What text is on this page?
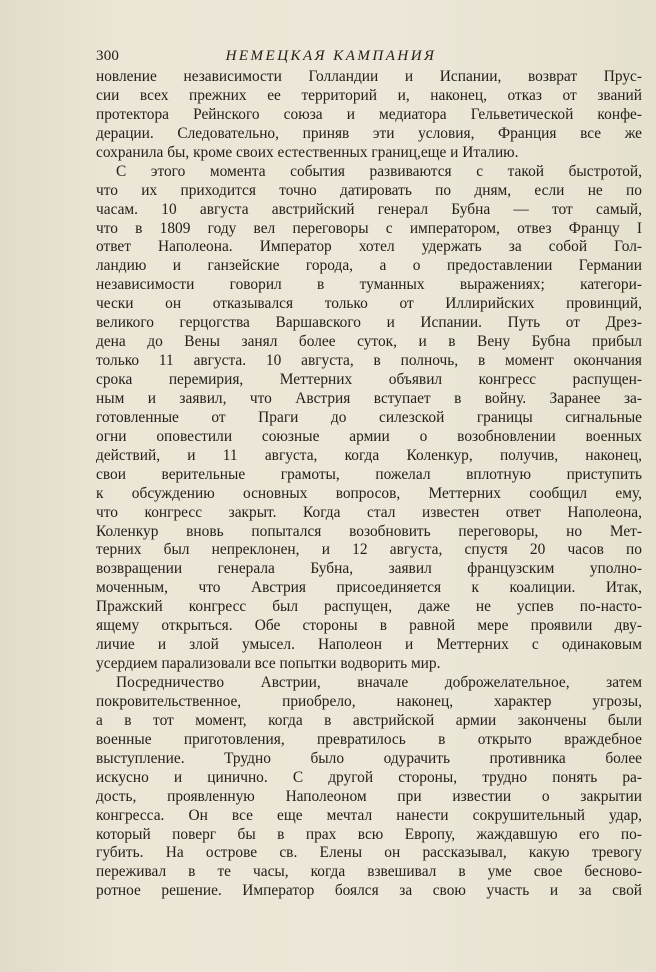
300	НЕМЕЦКАЯ КАМПАНИЯ
новление независимости Голландии и Испании, возврат Прус-
сии всех прежних ее территорий и, наконец, отказ от званий
протектора Рейнского союза и медиатора Гельветической конфе-
дерации. Следовательно, приняв эти условия, Франция все же
сохранила бы, кроме своих естественных границ,еще и Италию.
С этого момента события развиваются с такой быстротой,
что их приходится точно датировать по дням, если не по
часам. 10 августа австрийский генерал Бубна — тот самый,
что в 1809 году вел переговоры с императором, отвез Францу I
ответ Наполеона. Император хотел удержать за собой Гол-
ландию и ганзейские города, а о предоставлении Германии
независимости говорил в туманных выражениях; категори-
чески он отказывался только от Иллирийских провинций,
великого герцогства Варшавского и Испании. Путь от Дрез-
дена до Вены занял более суток, и в Вену Бубна прибыл
только 11 августа. 10 августа, в полночь, в момент окончания
срока перемирия, Меттерних объявил конгресс распущен-
ным и заявил, что Австрия вступает в войну. Заранее за-
готовленные от Праги до силезской границы сигнальные
огни оповестили союзные армии о возобновлении военных
действий, и 11 августа, когда Коленкур, получив, наконец,
свои верительные грамоты, пожелал вплотную приступить
к обсуждению основных вопросов, Меттерних сообщил ему,
что конгресс закрыт. Когда стал известен ответ Наполеона,
Коленкур вновь попытался возобновить переговоры, но Мет-
терних был непреклонен, и 12 августа, спустя 20 часов по
возвращении генерала Бубна, заявил французским уполно-
моченным, что Австрия присоединяется к коалиции. Итак,
Пражский конгресс был распущен, даже не успев по-насто-
ящему открыться. Обе стороны в равной мере проявили дву-
личие и злой умысел. Наполеон и Меттерних с одинаковым
усердием парализовали все попытки водворить мир.
Посредничество Австрии, вначале доброжелательное, затем
покровительственное, приобрело, наконец, характер угрозы,
а в тот момент, когда в австрийской армии закончены были
военные приготовления, превратилось в открыто враждебное
выступление. Трудно было одурачить противника более
искусно и цинично. С другой стороны, трудно понять ра-
дость, проявленную Наполеоном при известии о закрытии
конгресса. Он все еще мечтал нанести сокрушительный удар,
который поверг бы в прах всю Европу, жаждавшую его по-
губить. На острове св. Елены он рассказывал, какую тревогу
переживал в те часы, когда взвешивал в уме свое бесново-
ротное решение. Император боялся за свою участь и за свой
